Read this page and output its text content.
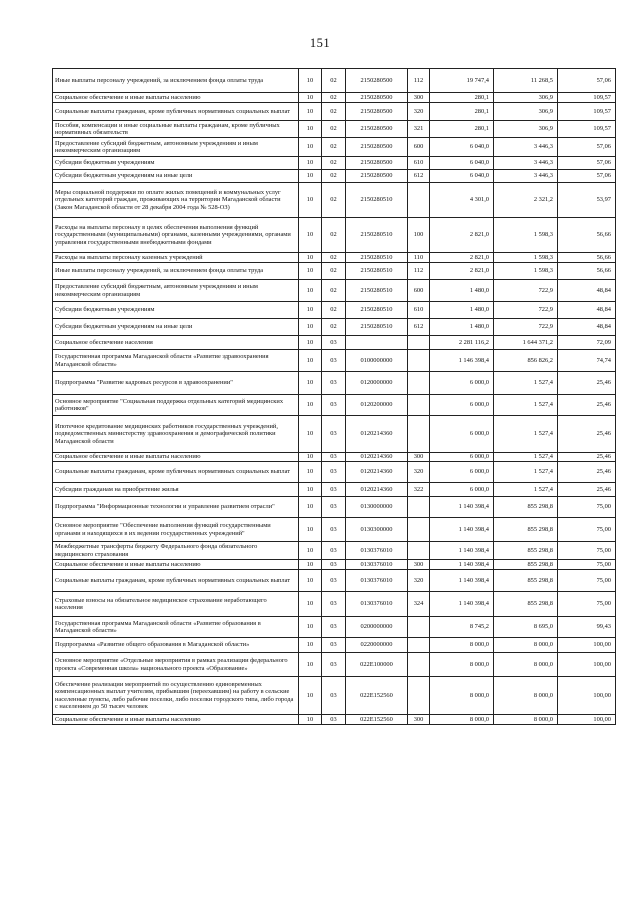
151
Иные выплаты персоналу учреждений, за исключением фонда оплаты труда	10	02	2150280500	112	19 747,4	11 268,5	57,06
Социальное обеспечение и иные выплаты населению	10	02	2150280500	300	280,1	306,9	109,57
Социальные выплаты гражданам, кроме публичных нормативных социальных выплат	10	02	2150280500	320	280,1	306,9	109,57
Пособия, компенсации и иные социальные выплаты гражданам, кроме публичных нормативных обязательств	10	02	2150280500	321	280,1	306,9	109,57
Предоставление субсидий бюджетным, автономным учреждениям и иным некоммерческим организациям	10	02	2150280500	600	6 040,0	3 446,3	57,06
Субсидии бюджетным учреждениям	10	02	2150280500	610	6 040,0	3 446,3	57,06
Субсидии бюджетным учреждениям на иные цели	10	02	2150280500	612	6 040,0	3 446,3	57,06
Меры социальной поддержки по оплате жилых помещений и коммунальных услуг отдельных категорий граждан, проживающих на территории Магаданской области (Закон Магаданской области от 28 декабря 2004 года № 528-ОЗ)	10	02	2150280510		4 301,0	2 321,2	53,97
Расходы на выплаты персоналу в целях обеспечения выполнения функций государственными (муниципальными) органами, казенными учреждениями, органами управления государственными внебюджетными фондами	10	02	2150280510	100	2 821,0	1 598,3	56,66
Расходы на выплаты персоналу казенных учреждений	10	02	2150280510	110	2 821,0	1 598,3	56,66
Иные выплаты персоналу учреждений, за исключением фонда оплаты труда	10	02	2150280510	112	2 821,0	1 598,3	56,66
Предоставление субсидий бюджетным, автономным учреждениям и иным некоммерческим организациям	10	02	2150280510	600	1 480,0	722,9	48,84
Субсидии бюджетным учреждениям	10	02	2150280510	610	1 480,0	722,9	48,84
Субсидии бюджетным учреждениям на иные цели	10	02	2150280510	612	1 480,0	722,9	48,84
Социальное обеспечение населения	10	03			2 281 116,2	1 644 371,2	72,09
Государственная программа Магаданской области «Развитие здравоохранения Магаданской области»	10	03	0100000000		1 146 398,4	856 826,2	74,74
Подпрограмма "Развитие кадровых ресурсов в здравоохранении"	10	03	0120000000		6 000,0	1 527,4	25,46
Основное мероприятие "Социальная поддержка отдельных категорий медицинских работников"	10	03	0120200000		6 000,0	1 527,4	25,46
Ипотечное кредитование медицинских работников государственных учреждений, подведомственных министерству здравоохранения и демографической политики Магаданской области	10	03	0120214360		6 000,0	1 527,4	25,46
Социальное обеспечение и иные выплаты населению	10	03	0120214360	300	6 000,0	1 527,4	25,46
Социальные выплаты гражданам, кроме публичных нормативных социальных выплат	10	03	0120214360	320	6 000,0	1 527,4	25,46
Субсидии гражданам на приобретение жилья	10	03	0120214360	322	6 000,0	1 527,4	25,46
Подпрограмма "Информационные технологии и управление развитием отрасли"	10	03	0130000000		1 140 398,4	855 298,8	75,00
Основное мероприятие "Обеспечение выполнения функций государственными органами и находящихся в их ведении государственных учреждений"	10	03	0130300000		1 140 398,4	855 298,8	75,00
Межбюджетные трансферты бюджету Федерального фонда обязательного медицинского страхования	10	03	0130376010		1 140 398,4	855 298,8	75,00
Социальное обеспечение и иные выплаты населению	10	03	0130376010	300	1 140 398,4	855 298,8	75,00
Социальные выплаты гражданам, кроме публичных нормативных социальных выплат	10	03	0130376010	320	1 140 398,4	855 298,8	75,00
Страховые взносы на обязательное медицинское страхование неработающего населения	10	03	0130376010	324	1 140 398,4	855 298,8	75,00
Государственная программа Магаданской области «Развитие образования в Магаданской области»	10	03	0200000000		8 745,2	8 695,0	99,43
Подпрограмма «Развитие общего образования в Магаданской области»	10	03	0220000000		8 000,0	8 000,0	100,00
Основное мероприятие «Отдельные мероприятия в рамках реализации федерального проекта «Современная школа» национального проекта «Образование»	10	03	022E100000		8 000,0	8 000,0	100,00
Обеспечение реализации мероприятий по осуществлению единовременных компенсационных выплат учителям, прибывшим (переехавшим) на работу в сельские населенные пункты, либо рабочие поселки, либо поселки городского типа, либо города с населением до 50 тысяч человек	10	03	022E152560		8 000,0	8 000,0	100,00
Социальное обеспечение и иные выплаты населению	10	03	022E152560	300	8 000,0	8 000,0	100,00
